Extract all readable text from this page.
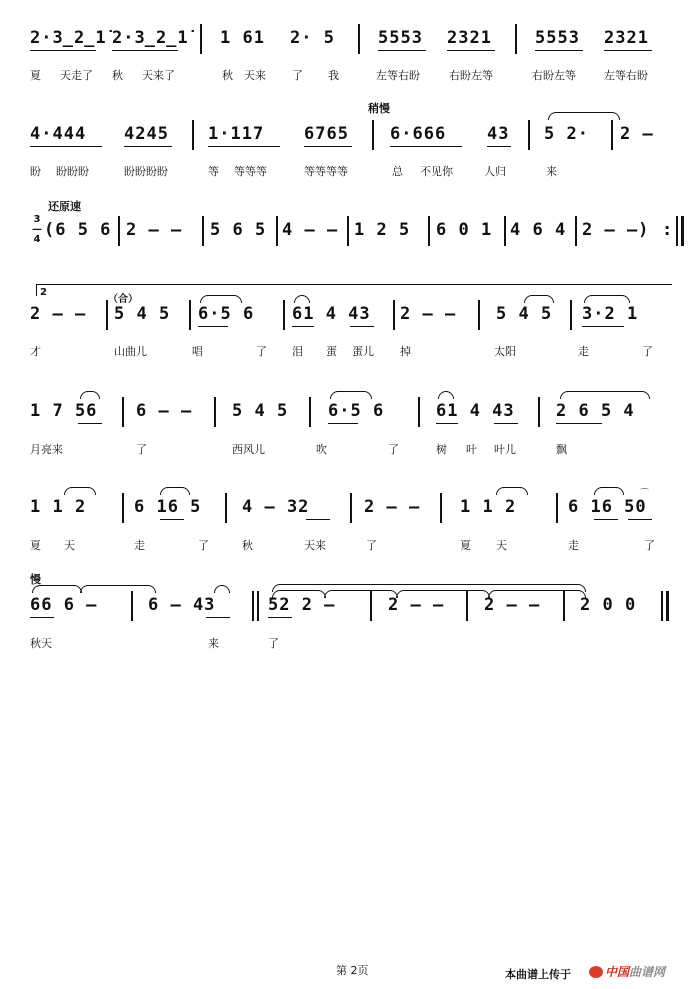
2·3̲2̲1̇ 2·3̲2̲1̇ 1 61 2· 5	5553 2321	5553 2321
夏 天走了 秋 天来了	秋 天来 了 我	左等右盼	右盼左等	右盼左等	左等右盼
稍慢
4·444 4245 1·117 6765 6·666 43 5 2· 2 –
盼 盼盼盼	盼盼盼盼	等 等等等	等等等等	总 不见你	人归	来
还原速
3
—
4 (6 5 6 2 – – 5 6 5 4 – – 1 2 5 6 0 1 4 6 4 2 – –) :
2
（合）
2 – – 5 4 5 6·5 6 61 4 43 2 – – 5 4 5 3·2 1
才	山曲儿	唱	了 泪 蛋 蛋儿 掉	太阳	走	了
1 7 56 6 – – 5 4 5 6·5 6	61 4 43 2 6 5 4
月亮来	了	西风儿	吹	了	树 叶 叶儿	飘
1 1 2	6 16 5 4 – 32	2 – – 1 1 2	6 16 50
⌒
夏 天	走	了	秋	天来	了	夏 天	走	了
慢
66 6 –	6 – 43	52 2 –	2 – – 2 – – 2 0 0
秋天	来	了
第 2页	本曲谱上传于	中国 曲谱网
